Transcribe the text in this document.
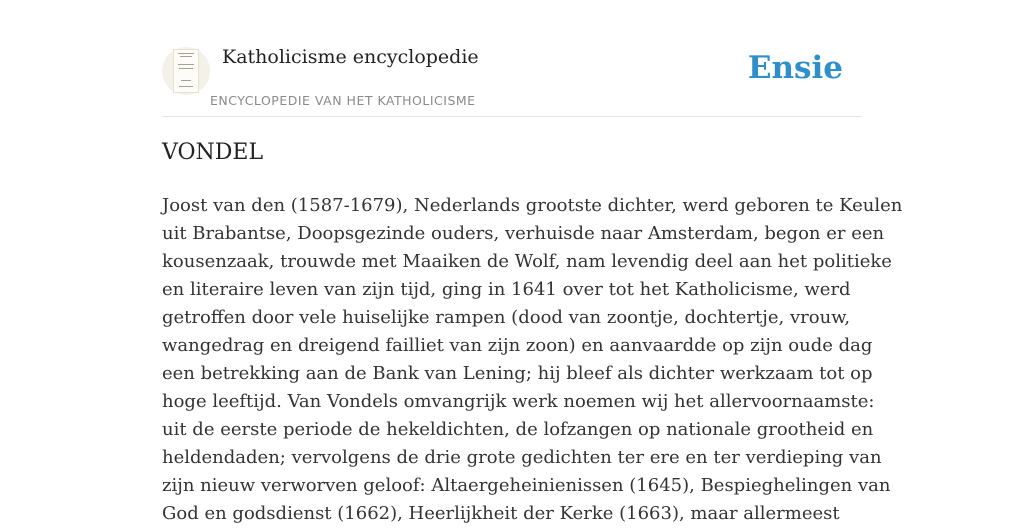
Katholicisme encyclopedie
ENCYCLOPEDIE VAN HET KATHOLICISME
Ensie
VONDEL
Joost van den (1587-1679), Nederlands grootste dichter, werd geboren te Keulen
uit Brabantse, Doopsgezinde ouders, verhuisde naar Amsterdam, begon er een
kousenzaak, trouwde met Maaiken de Wolf, nam levendig deel aan het politieke
en literaire leven van zijn tijd, ging in 1641 over tot het Katholicisme, werd
getroffen door vele huiselijke rampen (dood van zoontje, dochtertje, vrouw,
wangedrag en dreigend failliet van zijn zoon) en aanvaardde op zijn oude dag
een betrekking aan de Bank van Lening; hij bleef als dichter werkzaam tot op
hoge leeftijd. Van Vondels omvangrijk werk noemen wij het allervoornaamste:
uit de eerste periode de hekeldichten, de lofzangen op nationale grootheid en
heldendaden; vervolgens de drie grote gedichten ter ere en ter verdieping van
zijn nieuw verworven geloof: Altaergeheinienissen (1645), Bespieghelingen van
God en godsdienst (1662), Heerlijkheit der Kerke (1663), maar allermeest
